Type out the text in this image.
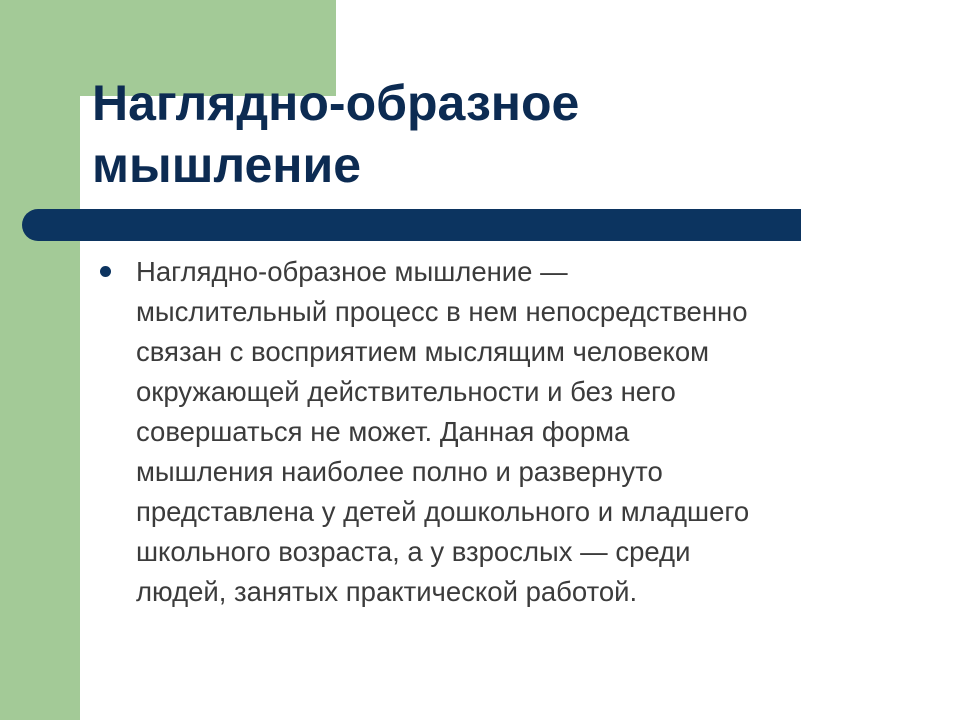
Наглядно-образное
мышление

Наглядно-образное мышление —
мыслительный процесс в нем непосредственно
связан с восприятием мыслящим человеком
окружающей действительности и без него
совершаться не может. Данная форма
мышления наиболее полно и развернуто
представлена у детей дошкольного и младшего
школьного возраста, а у взрослых — среди
людей, занятых практической работой.
